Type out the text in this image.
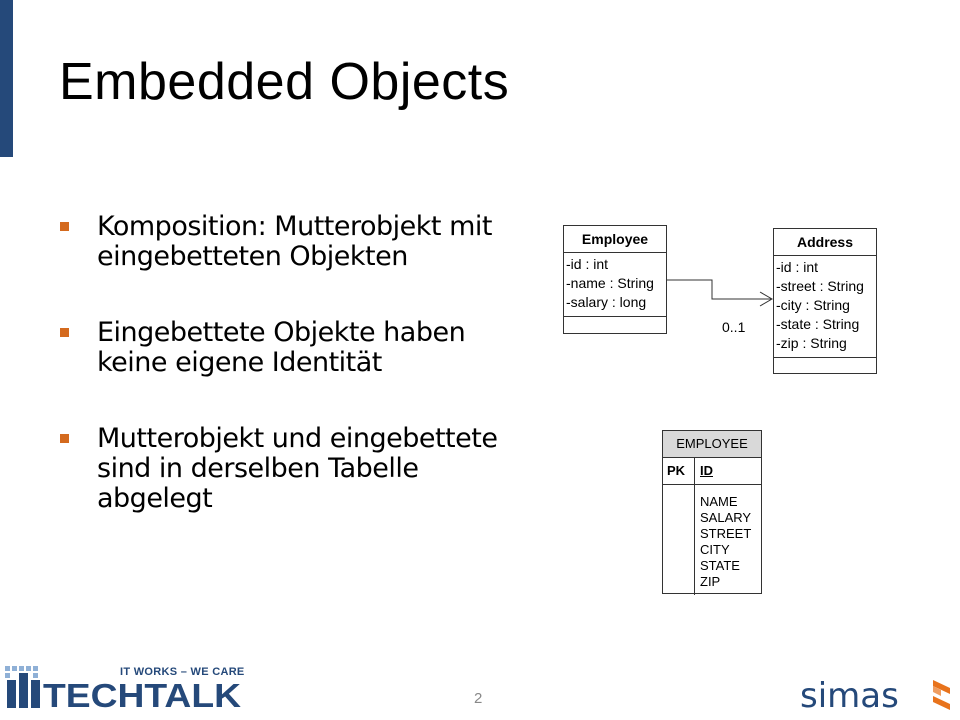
Embedded Objects
Komposition: Mutterobjekt mit eingebetteten Objekten
Eingebettete Objekte haben keine eigene Identität
Mutterobjekt und eingebettete sind in derselben Tabelle abgelegt
Employee
-id : int
-name : String
-salary : long
Address
-id : int
-street : String
-city : String
-state : String
-zip : String
0..1
EMPLOYEE
PK	ID
NAME
SALARY
STREET
CITY
STATE
ZIP
TECHTALK
IT WORKS – WE CARE
2	simas
